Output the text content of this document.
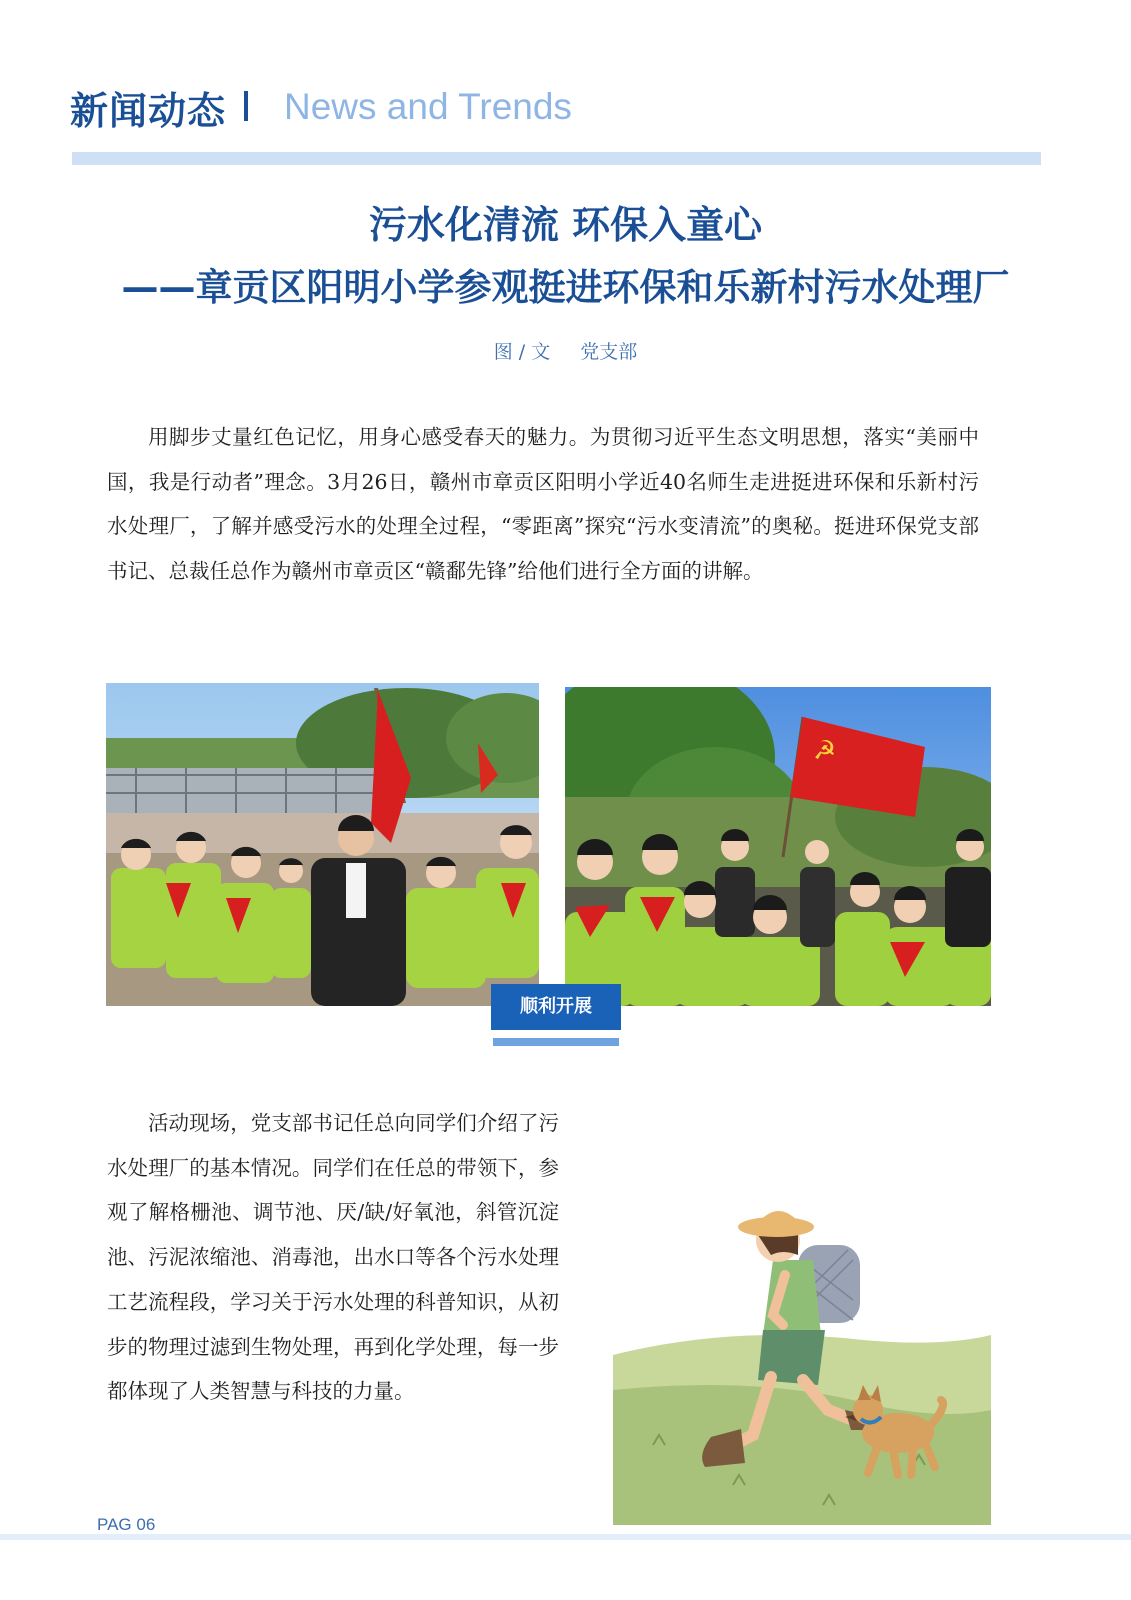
新闻动态 News and Trends
污水化清流 环保入童心
——章贡区阳明小学参观挺进环保和乐新村污水处理厂
图 / 文 党支部

用脚步丈量红色记忆，用身心感受春天的魅力。为贯彻习近平生态文明思想，落实“美丽中国，我是行动者”理念。3月26日，赣州市章贡区阳明小学近40名师生走进挺进环保和乐新村污水处理厂，了解并感受污水的处理全过程，“零距离”探究“污水变清流”的奥秘。挺进环保党支部书记、总裁任总作为赣州市章贡区“赣鄱先锋”给他们进行全方面的讲解。

☭
顺利开展

活动现场，党支部书记任总向同学们介绍了污水处理厂的基本情况。同学们在任总的带领下，参观了解格栅池、调节池、厌/缺/好氧池，斜管沉淀池、污泥浓缩池、消毒池，出水口等各个污水处理工艺流程段，学习关于污水处理的科普知识，从初步的物理过滤到生物处理，再到化学处理，每一步都体现了人类智慧与科技的力量。

PAG 06
